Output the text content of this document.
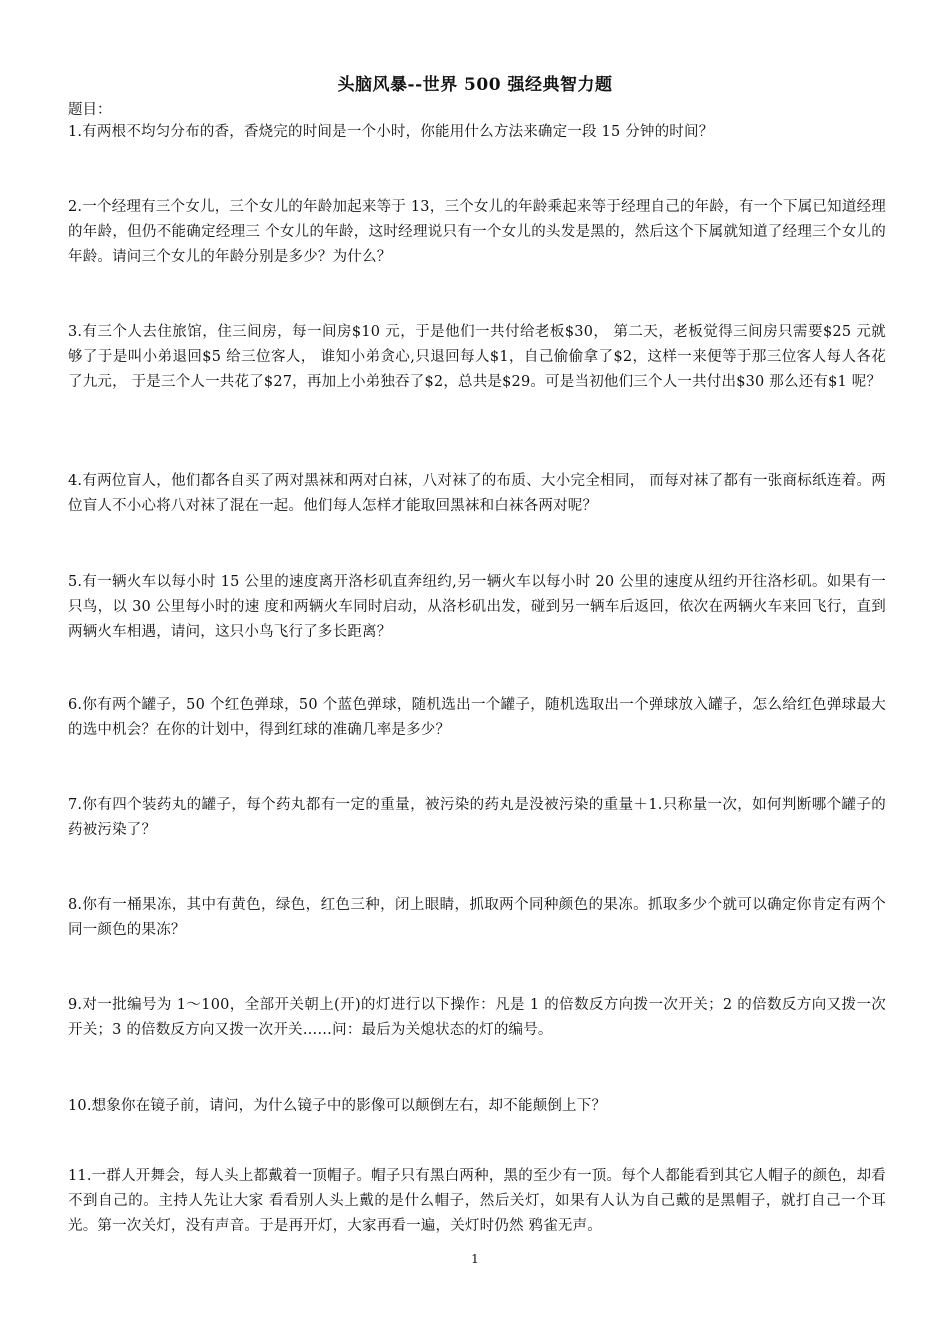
头脑风暴--世界 500 强经典智力题
题目：

1.有两根不均匀分布的香，香烧完的时间是一个小时，你能用什么方法来确定一段 15 分钟的时间？

2.一个经理有三个女儿，三个女儿的年龄加起来等于 13，三个女儿的年龄乘起来等于经理自己的年龄，有一个下属已知道经理的年龄，但仍不能确定经理三 个女儿的年龄，这时经理说只有一个女儿的头发是黑的，然后这个下属就知道了经理三个女儿的年龄。请问三个女儿的年龄分别是多少？为什么？

3.有三个人去住旅馆，住三间房，每一间房$10 元，于是他们一共付给老板$30， 第二天，老板觉得三间房只需要$25 元就够了于是叫小弟退回$5 给三位客人， 谁知小弟贪心,只退回每人$1，自己偷偷拿了$2，这样一来便等于那三位客人每人各花了九元， 于是三个人一共花了$27，再加上小弟独吞了$2，总共是$29。可是当初他们三个人一共付出$30 那么还有$1 呢？

4.有两位盲人，他们都各自买了两对黑袜和两对白袜，八对袜了的布质、大小完全相同， 而每对袜了都有一张商标纸连着。两位盲人不小心将八对袜了混在一起。他们每人怎样才能取回黑袜和白袜各两对呢？

5.有一辆火车以每小时 15 公里的速度离开洛杉矶直奔纽约,另一辆火车以每小时 20 公里的速度从纽约开往洛杉矶。如果有一只鸟，以 30 公里每小时的速 度和两辆火车同时启动，从洛杉矶出发，碰到另一辆车后返回，依次在两辆火车来回飞行，直到两辆火车相遇，请问，这只小鸟飞行了多长距离？

6.你有两个罐子，50 个红色弹球，50 个蓝色弹球，随机选出一个罐子，随机选取出一个弹球放入罐子，怎么给红色弹球最大的选中机会？在你的计划中，得到红球的准确几率是多少？

7.你有四个装药丸的罐子，每个药丸都有一定的重量，被污染的药丸是没被污染的重量＋1.只称量一次，如何判断哪个罐子的药被污染了？

8.你有一桶果冻，其中有黄色，绿色，红色三种，闭上眼睛，抓取两个同种颜色的果冻。抓取多少个就可以确定你肯定有两个同一颜色的果冻？

9.对一批编号为 1～100，全部开关朝上(开)的灯进行以下操作：凡是 1 的倍数反方向拨一次开关；2 的倍数反方向又拨一次开关；3 的倍数反方向又拨一次开关……问：最后为关熄状态的灯的编号。

10.想象你在镜子前，请问，为什么镜子中的影像可以颠倒左右，却不能颠倒上下？

11.一群人开舞会，每人头上都戴着一顶帽子。帽子只有黑白两种，黑的至少有一顶。每个人都能看到其它人帽子的颜色，却看不到自己的。主持人先让大家 看看别人头上戴的是什么帽子，然后关灯，如果有人认为自己戴的是黑帽子，就打自己一个耳光。第一次关灯，没有声音。于是再开灯，大家再看一遍，关灯时仍然 鸦雀无声。

1
